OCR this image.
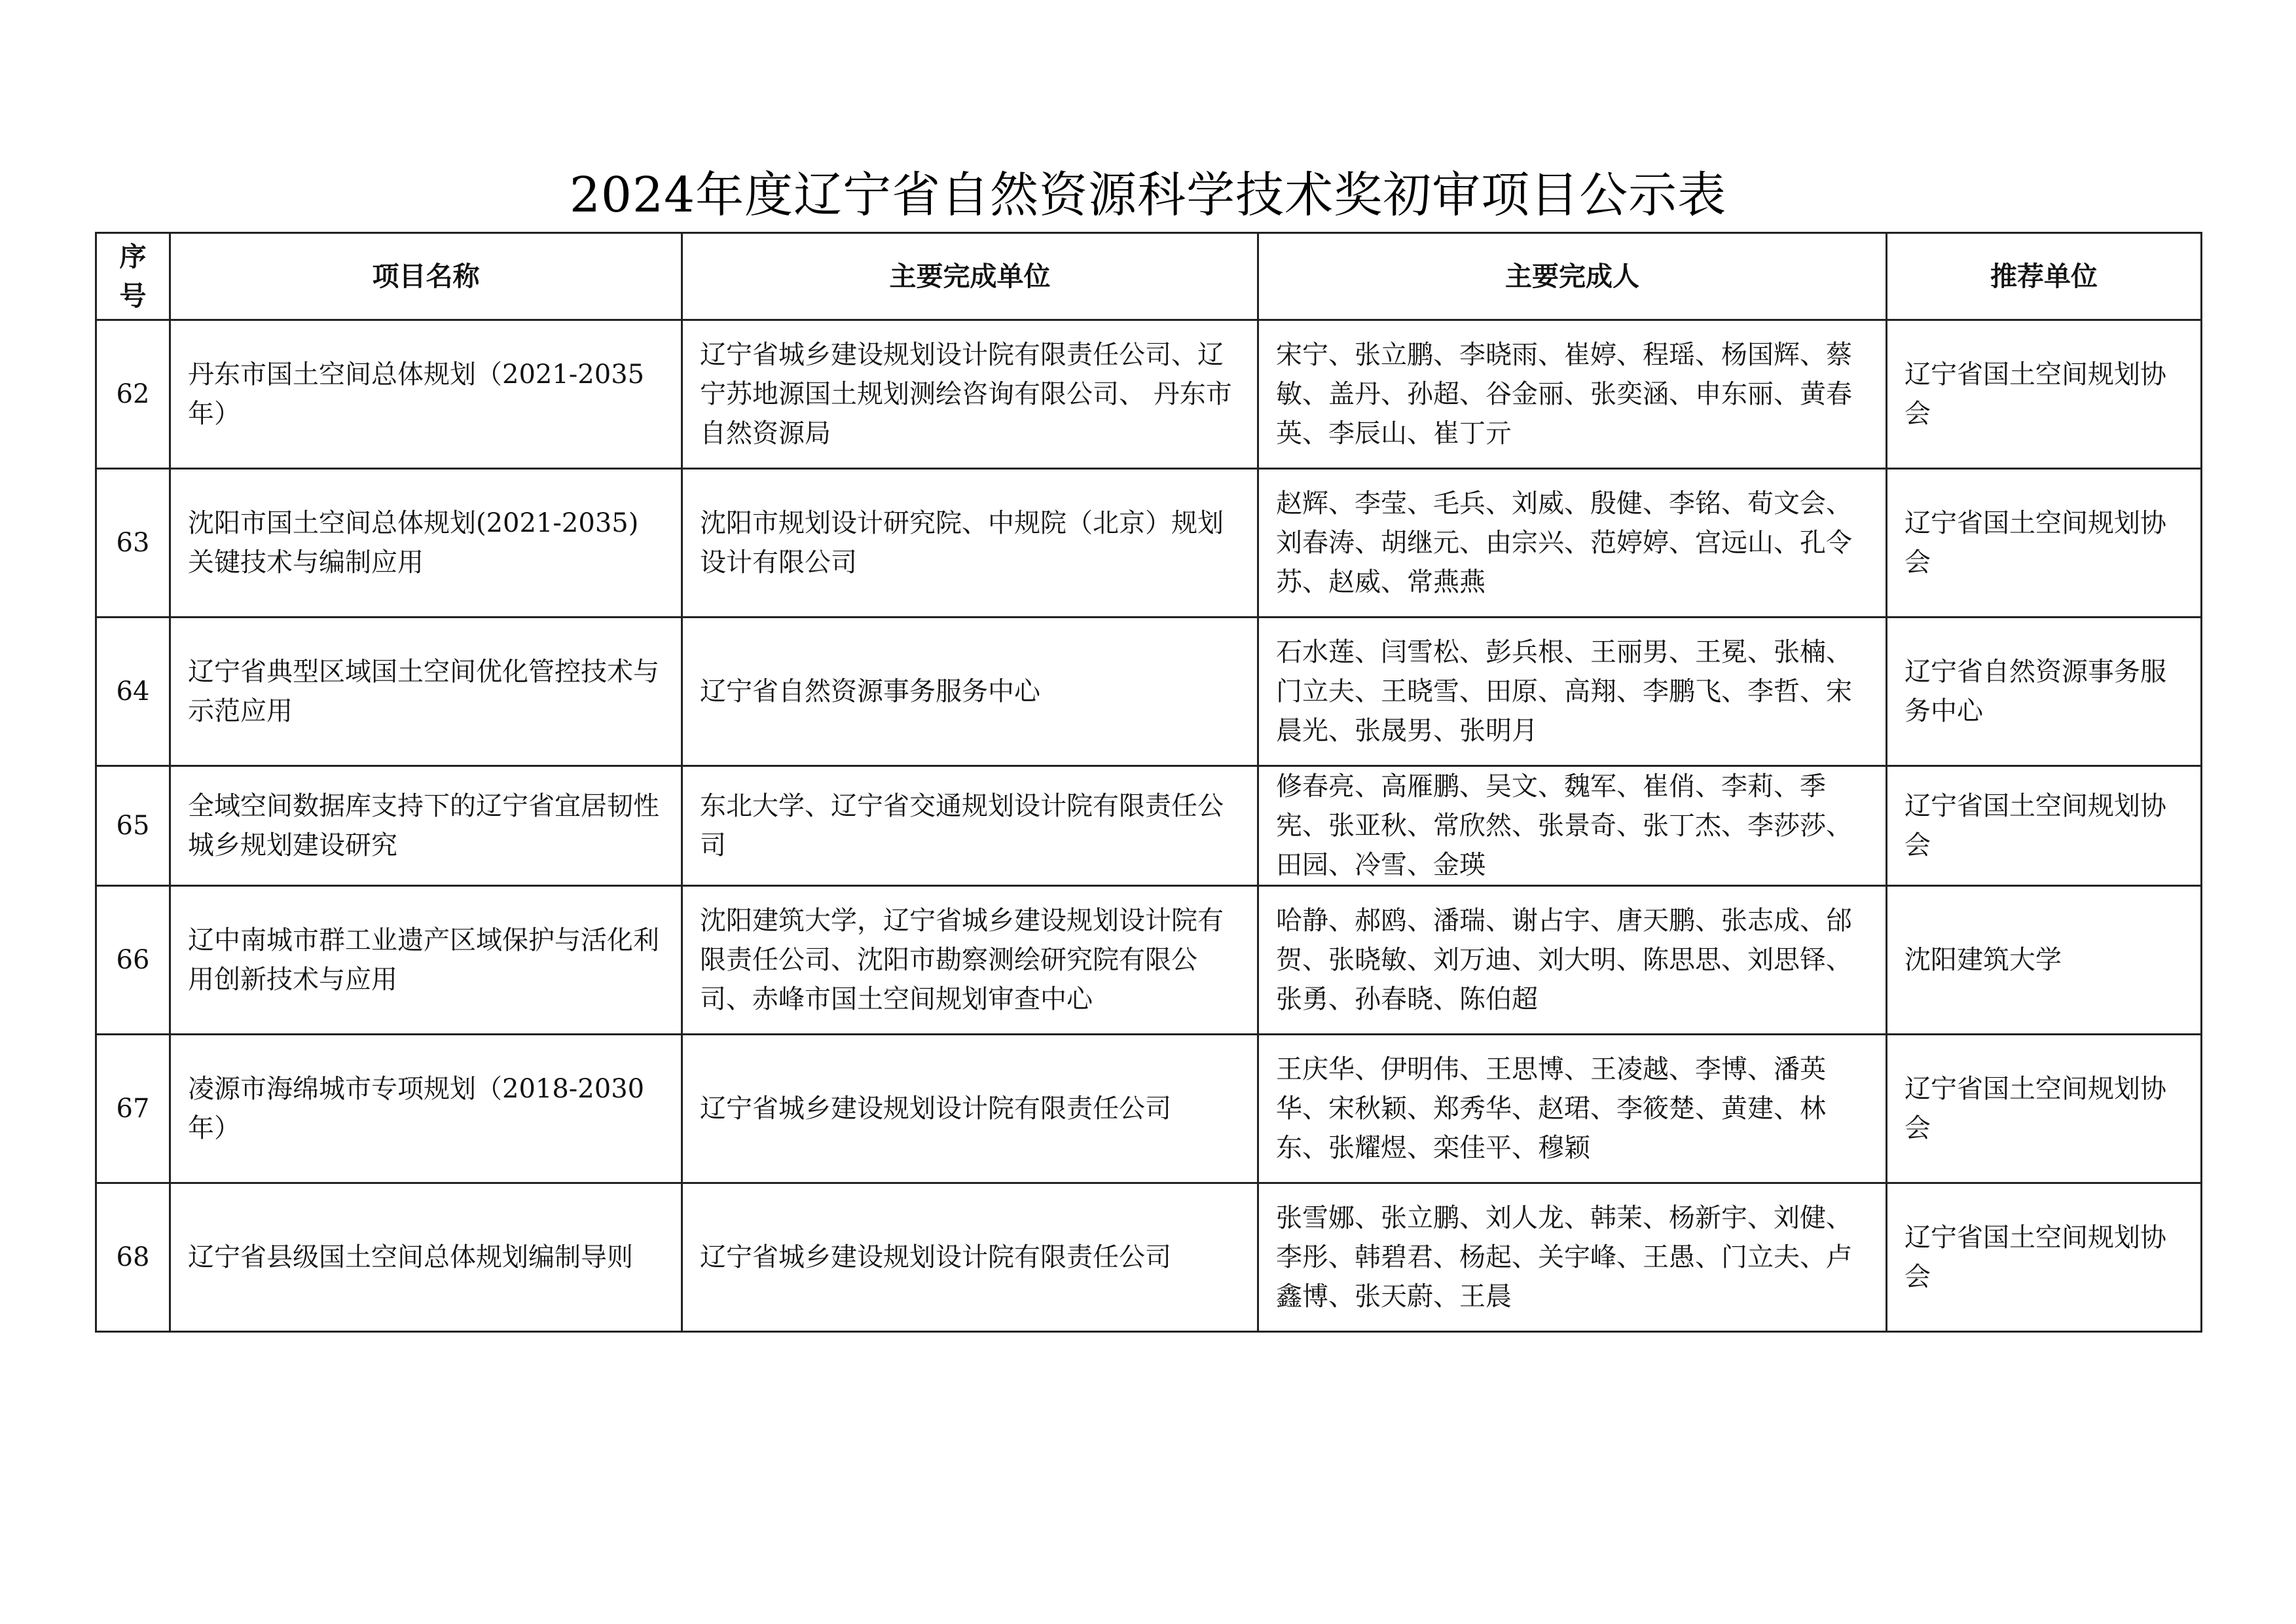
2024年度辽宁省自然资源科学技术奖初审项目公示表
序
号	项目名称	主要完成单位	主要完成人	推荐单位
62	丹东市国土空间总体规划（2021-2035年）	辽宁省城乡建设规划设计院有限责任公司、辽宁苏地源国土规划测绘咨询有限公司、 丹东市自然资源局	宋宁、张立鹏、李晓雨、崔婷、程瑶、杨国辉、蔡敏、盖丹、孙超、谷金丽、张奕涵、申东丽、黄春英、李辰山、崔丁亓	辽宁省国土空间规划协会
63	沈阳市国土空间总体规划(2021-2035)关键技术与编制应用	沈阳市规划设计研究院、中规院（北京）规划设计有限公司	赵辉、李莹、毛兵、刘威、殷健、李铭、荀文会、刘春涛、胡继元、由宗兴、范婷婷、宫远山、孔令苏、赵威、常燕燕	辽宁省国土空间规划协会
64	辽宁省典型区域国土空间优化管控技术与示范应用	辽宁省自然资源事务服务中心	石水莲、闫雪松、彭兵根、王丽男、王冕、张楠、门立夫、王晓雪、田原、高翔、李鹏飞、李哲、宋晨光、张晟男、张明月	辽宁省自然资源事务服务中心
65	全域空间数据库支持下的辽宁省宜居韧性城乡规划建设研究	东北大学、辽宁省交通规划设计院有限责任公司	修春亮、高雁鹏、吴文、魏军、崔俏、李莉、季宪、张亚秋、常欣然、张景奇、张丁杰、李莎莎、田园、冷雪、金瑛	辽宁省国土空间规划协会
66	辽中南城市群工业遗产区域保护与活化利用创新技术与应用	沈阳建筑大学，辽宁省城乡建设规划设计院有限责任公司、沈阳市勘察测绘研究院有限公司、赤峰市国土空间规划审查中心	哈静、郝鸥、潘瑞、谢占宇、唐天鹏、张志成、邰贺、张晓敏、刘万迪、刘大明、陈思思、刘思铎、张勇、孙春晓、陈伯超	沈阳建筑大学
67	凌源市海绵城市专项规划（2018-2030年）	辽宁省城乡建设规划设计院有限责任公司	王庆华、伊明伟、王思博、王凌越、李博、潘英华、宋秋颖、郑秀华、赵珺、李筱楚、黄建、林东、张耀煜、栾佳平、穆颖	辽宁省国土空间规划协会
68	辽宁省县级国土空间总体规划编制导则	辽宁省城乡建设规划设计院有限责任公司	张雪娜、张立鹏、刘人龙、韩茉、杨新宇、刘健、李彤、韩碧君、杨起、关宇峰、王愚、门立夫、卢鑫博、张天蔚、王晨	辽宁省国土空间规划协会
